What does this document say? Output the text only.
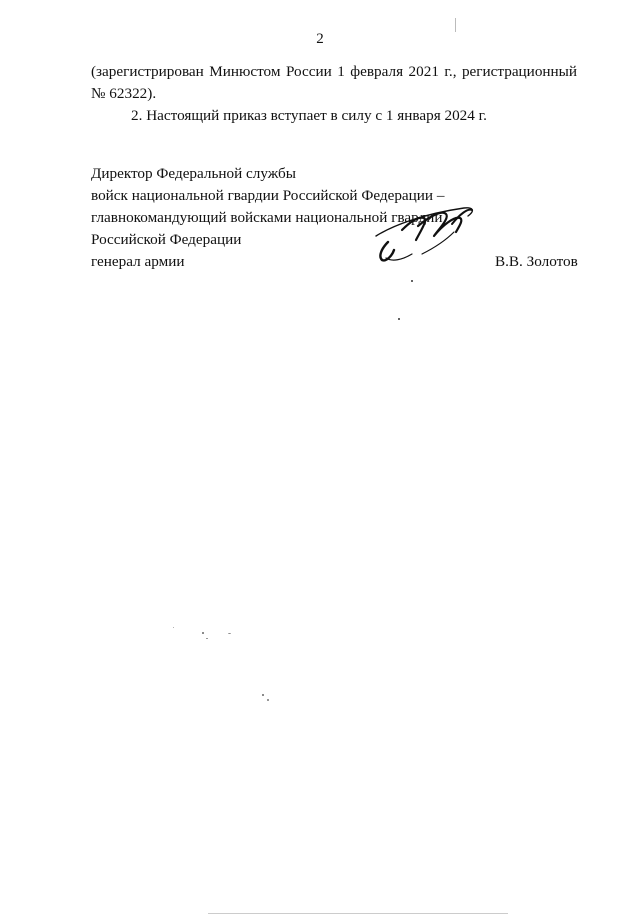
2
(зарегистрирован Минюстом России 1 февраля 2021 г., регистрационный
№ 62322).
2. Настоящий приказ вступает в силу с 1 января 2024 г.
Директор Федеральной службы
войск национальной гвардии Российской Федерации –
главнокомандующий войсками национальной гвардии
Российской Федерации
генерал армии	В.В. Золотов
